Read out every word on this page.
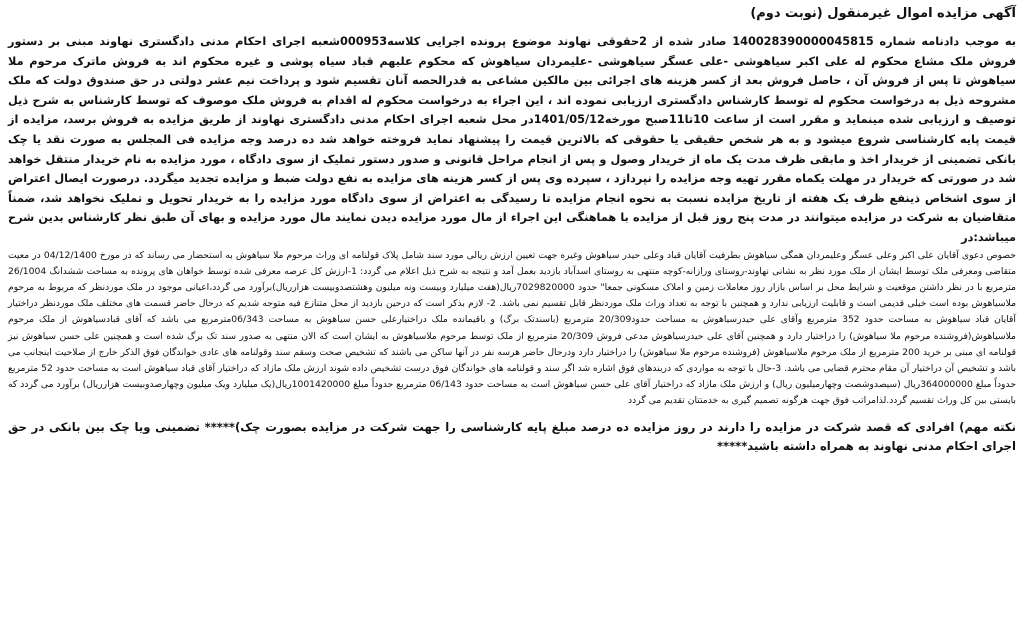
آگهی مزایده اموال غیرمنقول (نوبت دوم)

به موجب دادنامه شماره 140028390000045815 صادر شده از 2حقوقی نهاوند موضوع پرونده اجرایی کلاسه000953شعبه اجرای احکام مدنی دادگستری نهاوند مبنی بر دستور فروش ملک مشاع محکوم له علی اکبر سیاهوشی -علی عسگر سیاهوشی -علیمردان سیاهوش که محکوم علیهم قباد سیاه پوشی و غیره محکوم اند به فروش ماترک مرحوم ملا سیاهوش تا پس از فروش آن ، حاصل فروش بعد از کسر هزینه های اجرائی بین مالکین مشاعی به قدرالحصه آنان تقسیم شود و پرداخت نیم عشر دولتی در حق صندوق دولت که ملک مشروحه ذیل به درخواست محکوم له توسط کارشناس دادگستری ارزیابی نموده اند ، این اجراء به درخواست محکوم له اقدام به فروش ملک موصوف که توسط کارشناس به شرح ذیل توصیف و ارزیابی شده مینماید و مقرر است از ساعت 10تا11صبح مورخه1401/05/12در محل شعبه اجرای احکام مدنی دادگستری نهاوند از طریق مزایده به فروش برسد، مزایده از قیمت پایه کارشناسی شروع میشود و به هر شخص حقیقی یا حقوقی که بالاترین قیمت را پیشنهاد نماید فروخته خواهد شد ده درصد وجه مزایده فی المجلس به صورت نقد یا چک بانکی تضمینی از خریدار اخذ و مابقی ظرف مدت یک ماه از خریدار وصول و پس از انجام مراحل قانونی و صدور دستور تملیک از سوی دادگاه ، مورد مزایده به نام خریدار منتقل خواهد شد در صورتی که خریدار در مهلت یکماه مقرر تهیه وجه مزایده را نپردازد ، سپرده وی پس از کسر هزینه های مزایده به نفع دولت ضبط و مزایده تجدید میگردد. درصورت ایصال اعتراض از سوی اشخاص ذینفع ظرف یک هفته از تاریخ مزایده نسبت به نحوه انجام مزایده تا رسیدگی به اعتراض از سوی دادگاه مورد مزایده را به خریدار تحویل و تملیک نخواهد شد، ضمناً متقاضیان به شرکت در مزایده میتوانند در مدت پنج روز قبل از مزایده با هماهنگی این اجراء از مال مورد مزایده دیدن نمایند مال مورد مزایده و بهای آن طبق نظر کارشناس بدین شرح میباشد:در

خصوص دعوی آقایان علی اکبر وعلی عسگر وعلیمردان همگی سیاهوش بطرفیت آقایان قباد وعلی حیدر سیاهوش وغیره جهت تعیین ارزش ریالی مورد سند شامل پلاک قولنامه ای وراث مرحوم ملا سیاهوش به استحضار می رساند که در مورخ 04/12/1400 در معیت متقاضی ومعرفی ملک توسط ایشان از ملک مورد نظر به نشانی نهاوند-روستای ورازانه-کوچه منتهی به روستای اسدآباد بازدید بعمل آمد و نتیجه به شرح ذیل اعلام می گردد: 1-ارزش کل عرصه معرفی شده توسط خواهان های پرونده به مساحت ششدانگ 26/1004 مترمربع با در نظر داشتن موقعیت و شرایط محل بر اساس بازار روز معاملات زمین و املاک مسکونی جمعا" حدود 7029820000ریال(هفت میلیارد وبیست ونه میلیون وهشتصدوبیست هزارریال)برآورد می گردد،اعیانی موجود در ملک موردنظر که مربوط به مرحوم ملاسیاهوش بوده است خیلی قدیمی است و قابلیت ارزیابی ندارد و همچنین با توجه به تعداد وراث ملک موردنظر قابل تقسیم نمی باشد. 2- لازم بذکر است که درحین بازدید از محل متنازع فیه متوجه شدیم که درحال حاضر قسمت های مختلف ملک موردنظر دراختیار آقایان قباد سیاهوش به مساحت حدود 352 مترمربع وآقای علی حیدرسیاهوش به مساحت حدود20/309 مترمربع (باسندتک برگ) و باقیمانده ملک دراختیارعلی حسن سیاهوش به مساحت 06/343مترمربع می باشد که آقای قبادسیاهوش از ملک مرحوم ملاسیاهوش(فروشنده مرحوم ملا سیاهوش) را دراختیار دارد و همچنین آقای علی حیدرسیاهوش مدعی فروش 20/309 مترمربع از ملک توسط مرحوم ملاسیاهوش به ایشان است که الان منتهی به صدور سند تک برگ شده است و همچنین علی حسن سیاهوش نیز قولنامه ای مبنی بر خرید 200 مترمربع از ملک مرحوم ملاسیاهوش (فروشنده مرحوم ملا سیاهوش) را دراختیار دارد ودرحال حاضر هرسه نفر در آنها ساکن می باشند که تشخیص صحت وسقم سند وقولنامه های عادی خواندگان فوق الذکر خارج از صلاحیت اینجانب می باشد و تشخیص آن دراختیار آن مقام محترم قضایی می باشد. 3-حال با توجه به مواردی که دربندهای فوق اشاره شد اگر سند و قولنامه های خواندگان فوق درست تشخیص داده شوند ارزش ملک مازاد که دراختیار آقای قباد سیاهوش است به مساحت حدود 52 مترمربع حدوداً مبلغ 364000000ریال (سیصدوشصت وچهارمیلیون ریال) و ارزش ملک مازاد که دراختیار آقای علی حسن سیاهوش است به مساحت حدود 06/143 مترمربع حدوداً مبلغ 1001420000ریال(یک میلیارد ویک میلیون وچهارصدوبیست هزارریال) برآورد می گردد که بایستی بین کل وراث تقسیم گردد.لذامراتب فوق جهت هرگونه تصمیم گیری به خدمتتان تقدیم می گردد

نکته مهم) افرادی که قصد شرکت در مزایده را دارند در روز مزایده ده درصد مبلغ پایه کارشناسی را جهت شرکت در مزایده بصورت چک)***** تضمینی ویا چک بین بانکی در حق اجرای احکام مدنی نهاوند به همراه داشته باشید*****
